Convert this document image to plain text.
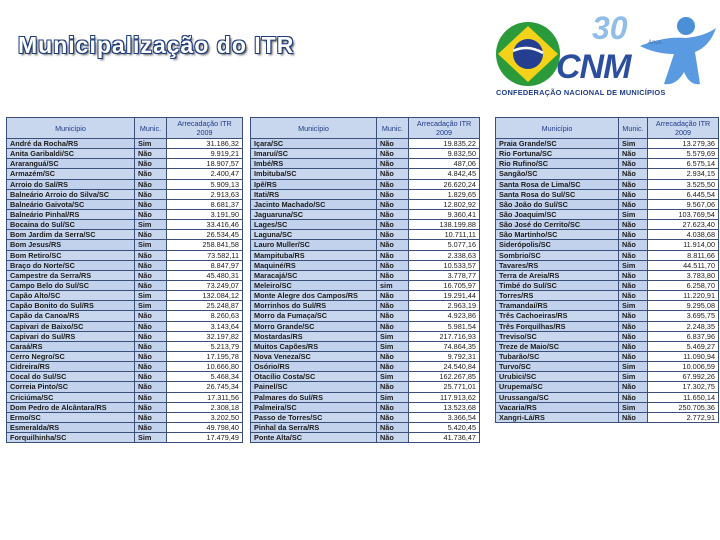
Municipalização do ITR	30	Anos
CNM
CONFEDERAÇÃO NACIONAL DE MUNICÍPIOS
Município	Munic.	Arrecadação ITR 2009
André da Rocha/RS	Sim	31.186,32
Anita Garibaldi/SC	Não	9.919,21
Araranguá/SC	Não	18.907,57
Armazém/SC	Não	2.400,47
Arroio do Sal/RS	Não	5.909,13
Balneário Arroio do Silva/SC	Não	2.913,63
Balneário Gaivota/SC	Não	8.681,37
Balneário Pinhal/RS	Não	3.191,90
Bocaina do Sul/SC	Sim	33.416,46
Bom Jardim da Serra/SC	Não	26.534,45
Bom Jesus/RS	Sim	258.841,58
Bom Retiro/SC	Não	73.582,11
Braço do Norte/SC	Não	8.847,97
Campestre da Serra/RS	Não	45.480,31
Campo Belo do Sul/SC	Não	73.249,07
Capão Alto/SC	Sim	132.084,12
Capão Bonito do Sul/RS	Sim	25.248,87
Capão da Canoa/RS	Não	8.260,63
Capivari de Baixo/SC	Não	3.143,64
Capivari do Sul/RS	Não	32.197,82
Caraá/RS	Não	5.213,79
Cerro Negro/SC	Não	17.195,78
Cidreira/RS	Não	10.666,80
Cocal do Sul/SC	Não	5.468,34
Correia Pinto/SC	Não	26.745,34
Criciúma/SC	Não	17.311,56
Dom Pedro de Alcântara/RS	Não	2.308,18
Ermo/SC	Não	3.202,50
Esmeralda/RS	Não	49.798,40
Forquilhinha/SC	Sim	17.479,49
Município	Munic.	Arrecadação ITR 2009
Içara/SC	Não	19.835,22
Imaruí/SC	Não	9.832,50
Imbé/RS	Não	487,06
Imbituba/SC	Não	4.842,45
Ipê/RS	Não	26.620,24
Itati/RS	Não	1.829,65
Jacinto Machado/SC	Não	12.802,92
Jaguaruna/SC	Não	9.360,41
Lages/SC	Não	138.199,88
Laguna/SC	Não	10.711,11
Lauro Muller/SC	Não	5.077,16
Mampituba/RS	Não	2.338,63
Maquiné/RS	Não	10.533,57
Maracajá/SC	Não	3.778,77
Meleiro/SC	sim	16.705,97
Monte Alegre dos Campos/RS	Não	19.291,44
Morrinhos do Sul/RS	Não	2.963,19
Morro da Fumaça/SC	Não	4.923,86
Morro Grande/SC	Não	5.981,54
Mostardas/RS	Sim	217.716,93
Muitos Capões/RS	Sim	74.864,35
Nova Veneza/SC	Não	9.792,31
Osório/RS	Não	24.540,84
Otacílio Costa/SC	Sim	162.267,85
Painel/SC	Não	25.771,01
Palmares do Sul/RS	Sim	117.913,62
Palmeira/SC	Não	13.523,68
Passo de Torres/SC	Não	3.366,54
Pinhal da Serra/RS	Não	5.420,45
Ponte Alta/SC	Não	41.736,47
Município	Munic.	Arrecadação ITR 2009
Praia Grande/SC	Sim	13.279,36
Rio Fortuna/SC	Não	5.579,69
Rio Rufino/SC	Não	6.575,14
Sangão/SC	Não	2.934,15
Santa Rosa de Lima/SC	Não	3.525,50
Santa Rosa do Sul/SC	Não	6.445,54
São João do Sul/SC	Não	9.567,06
São Joaquim/SC	Sim	103.769,54
São José do Cerrito/SC	Não	27.623,40
São Martinho/SC	Não	4.038,68
Siderópolis/SC	Não	11.914,00
Sombrio/SC	Não	8.811,66
Tavares/RS	Sim	44.511,70
Terra de Areia/RS	Não	3.783,80
Timbé do Sul/SC	Não	6.258,70
Torres/RS	Não	11.220,91
Tramandaí/RS	Sim	9.295,08
Três Cachoeiras/RS	Não	3.695,75
Três Forquilhas/RS	Não	2.248,35
Treviso/SC	Não	6.837,96
Treze de Maio/SC	Não	5.469,27
Tubarão/SC	Não	11.090,94
Turvo/SC	Sim	10.006,59
Urubici/SC	Sim	67.992,26
Urupema/SC	Não	17.302,75
Urussanga/SC	Não	11.650,14
Vacaria/RS	Sim	250.705,36
Xangri-Lá/RS	Não	2.772,91
